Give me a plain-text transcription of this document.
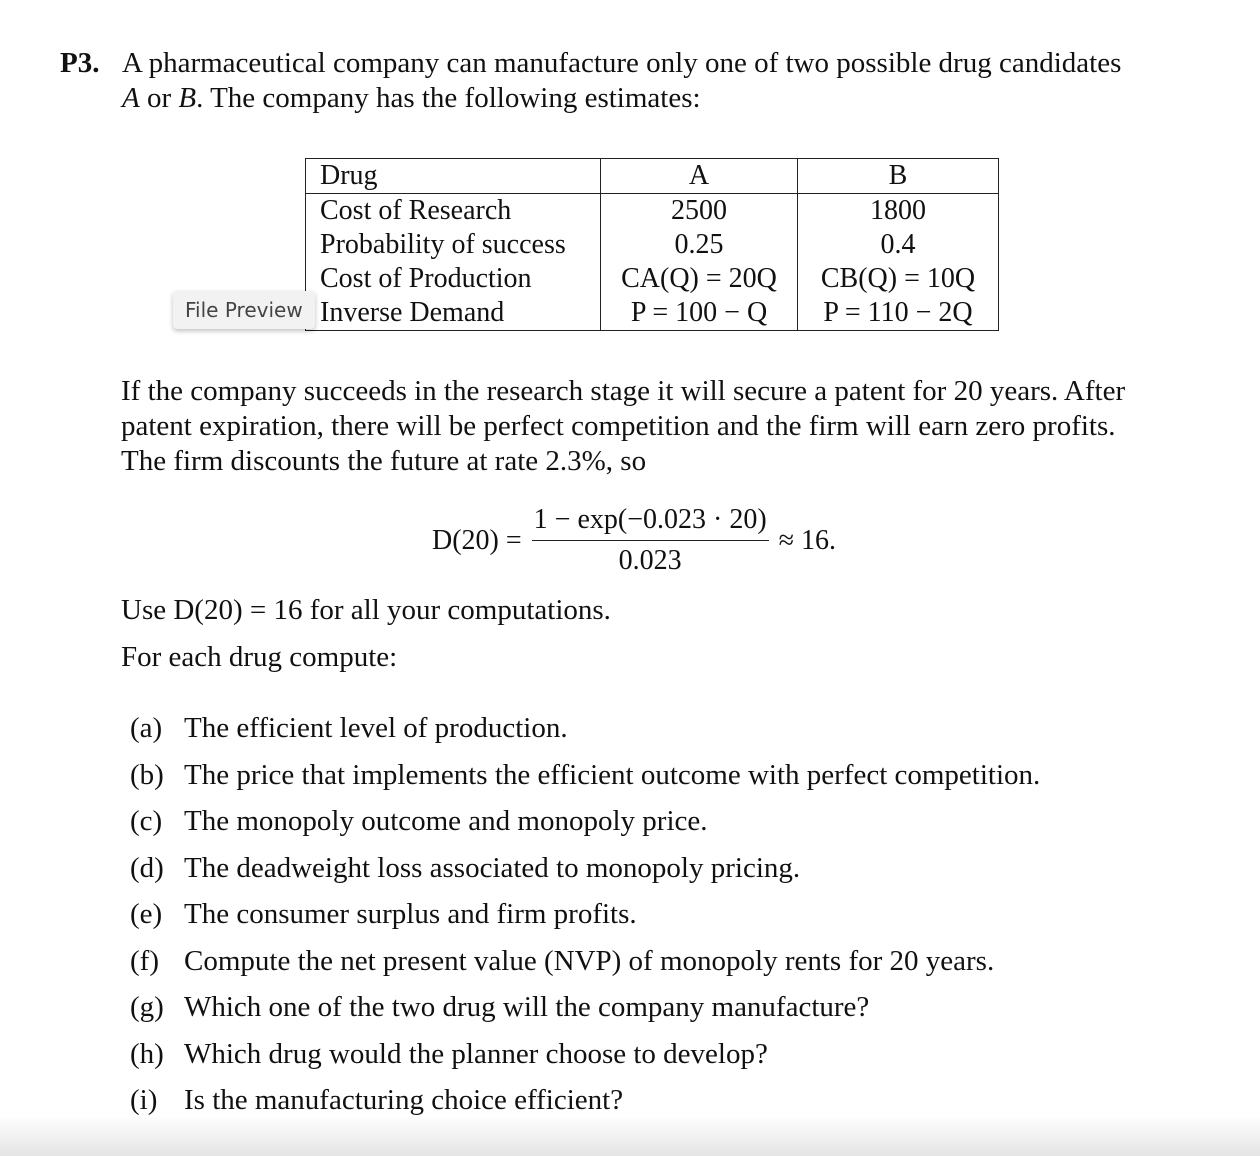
P3. A pharmaceutical company can manufacture only one of two possible drug candidates
A or B. The company has the following estimates:
Drug	A	B
Cost of Research	2500	1800
Probability of success	0.25	0.4
Cost of Production	CA(Q) = 20Q	CB(Q) = 10Q
Inverse Demand	P = 100 − Q	P = 110 − 2Q
File Preview
If the company succeeds in the research stage it will secure a patent for 20 years. After
patent expiration, there will be perfect competition and the firm will earn zero profits.
The firm discounts the future at rate 2.3%, so
$D(20) = \frac{1 - \exp(-0.023 \cdot 20)}{0.023} \approx 16$.
Use D(20) = 16 for all your computations.
For each drug compute:
(a) The efficient level of production.
(b) The price that implements the efficient outcome with perfect competition.
(c) The monopoly outcome and monopoly price.
(d) The deadweight loss associated to monopoly pricing.
(e) The consumer surplus and firm profits.
(f) Compute the net present value (NVP) of monopoly rents for 20 years.
(g) Which one of the two drug will the company manufacture?
(h) Which drug would the planner choose to develop?
(i) Is the manufacturing choice efficient?
